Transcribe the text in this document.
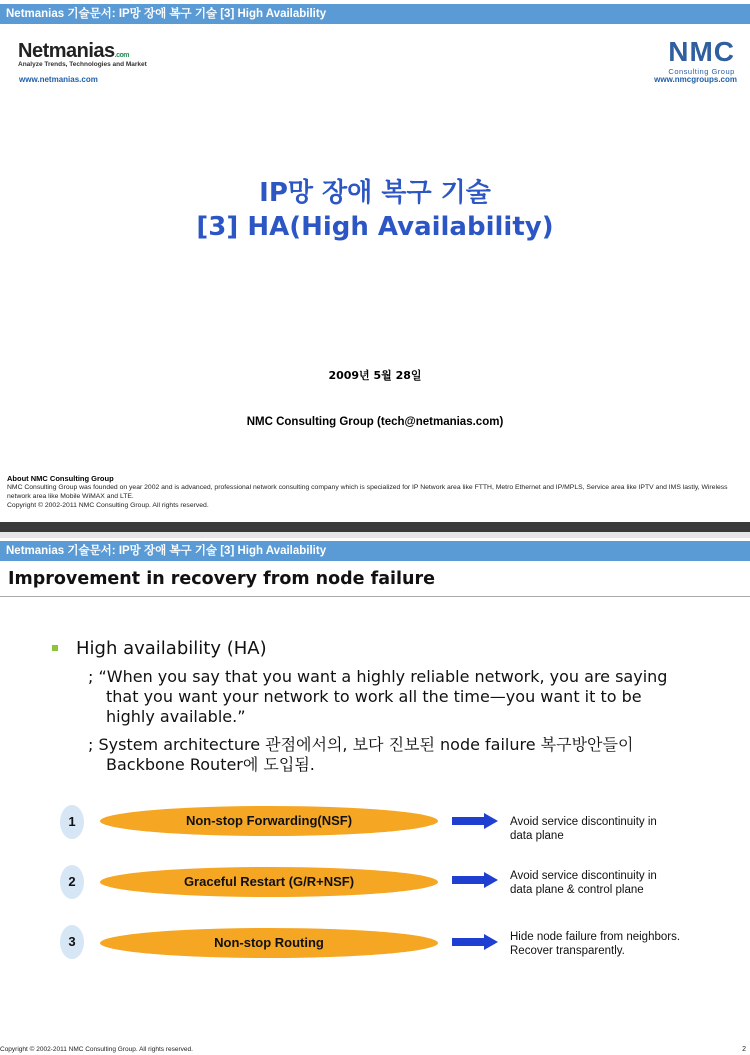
Netmanias 기술문서: IP망 장애 복구 기술 [3] High Availability
Netmanias.com
Analyze Trends, Technologies and Market
www.netmanias.com
NMC
Consulting Group
www.nmcgroups.com
IP망 장애 복구 기술
[3] HA(High Availability)
2009년 5월 28일
NMC Consulting Group (tech@netmanias.com)
About NMC Consulting Group
NMC Consulting Group was founded on year 2002 and is advanced, professional network consulting company which is specialized for IP Network area like FTTH, Metro Ethernet and IP/MPLS, Service area like IPTV and IMS lastly, Wireless network area like Mobile WiMAX and LTE.
Copyright © 2002-2011 NMC Consulting Group. All rights reserved.
Netmanias 기술문서: IP망 장애 복구 기술 [3] High Availability
Improvement in recovery from node failure
High availability (HA)
; “When you say that you want a highly reliable network, you are saying
that you want your network to work all the time—you want it to be
highly available.”
; System architecture 관점에서의, 보다 진보된 node failure 복구방안들이
Backbone Router에 도입됨.
1	Non-stop Forwarding(NSF)	Avoid service discontinuity in
data plane
2	Graceful Restart (G/R+NSF)	Avoid service discontinuity in
data plane & control plane
3	Non-stop Routing	Hide node failure from neighbors.
Recover transparently.
Copyright © 2002-2011 NMC Consulting Group. All rights reserved.	2
